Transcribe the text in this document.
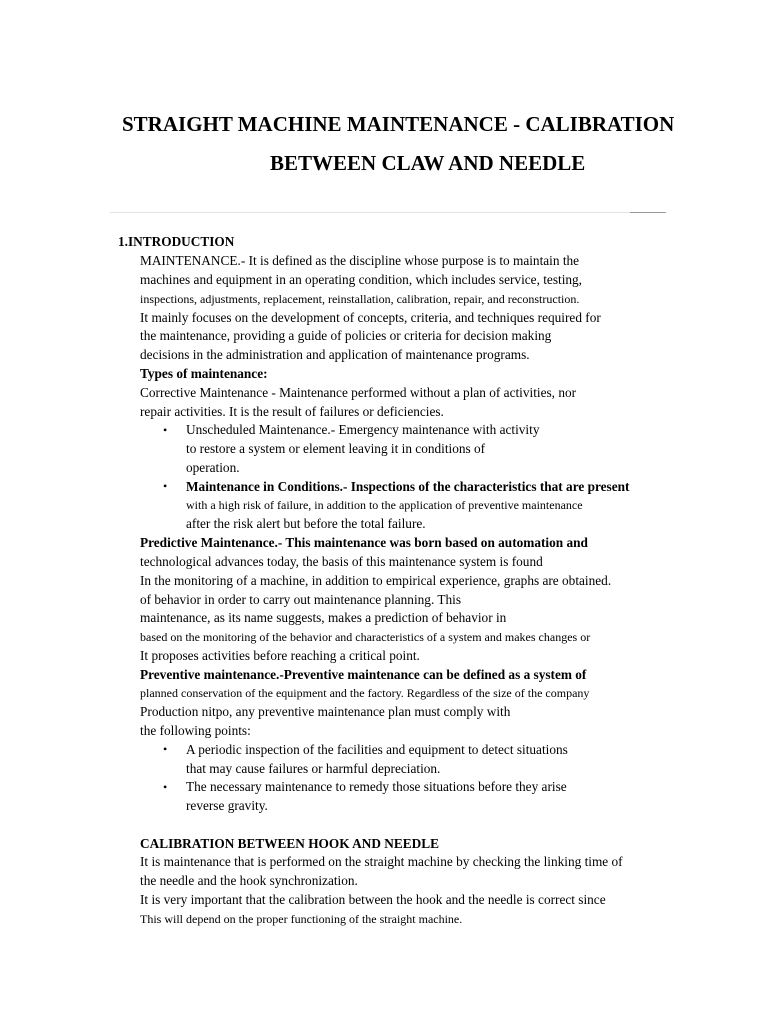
STRAIGHT MACHINE MAINTENANCE - CALIBRATION
BETWEEN CLAW AND NEEDLE
1.INTRODUCTION
MAINTENANCE.- It is defined as the discipline whose purpose is to maintain the
machines and equipment in an operating condition, which includes service, testing,
inspections, adjustments, replacement, reinstallation, calibration, repair, and reconstruction.
It mainly focuses on the development of concepts, criteria, and techniques required for
the maintenance, providing a guide of policies or criteria for decision making
decisions in the administration and application of maintenance programs.
Types of maintenance:
Corrective Maintenance - Maintenance performed without a plan of activities, nor
repair activities. It is the result of failures or deficiencies.
• Unscheduled Maintenance.- Emergency maintenance with activity
to restore a system or element leaving it in conditions of
operation.
• Maintenance in Conditions.- Inspections of the characteristics that are present
with a high risk of failure, in addition to the application of preventive maintenance
after the risk alert but before the total failure.
Predictive Maintenance.- This maintenance was born based on automation and
technological advances today, the basis of this maintenance system is found
In the monitoring of a machine, in addition to empirical experience, graphs are obtained.
of behavior in order to carry out maintenance planning. This
maintenance, as its name suggests, makes a prediction of behavior in
based on the monitoring of the behavior and characteristics of a system and makes changes or
It proposes activities before reaching a critical point.
Preventive maintenance.-Preventive maintenance can be defined as a system of
planned conservation of the equipment and the factory. Regardless of the size of the company
Production nitpo, any preventive maintenance plan must comply with
the following points:
• A periodic inspection of the facilities and equipment to detect situations
that may cause failures or harmful depreciation.
• The necessary maintenance to remedy those situations before they arise
reverse gravity.
CALIBRATION BETWEEN HOOK AND NEEDLE
It is maintenance that is performed on the straight machine by checking the linking time of
the needle and the hook synchronization.
It is very important that the calibration between the hook and the needle is correct since
This will depend on the proper functioning of the straight machine.
